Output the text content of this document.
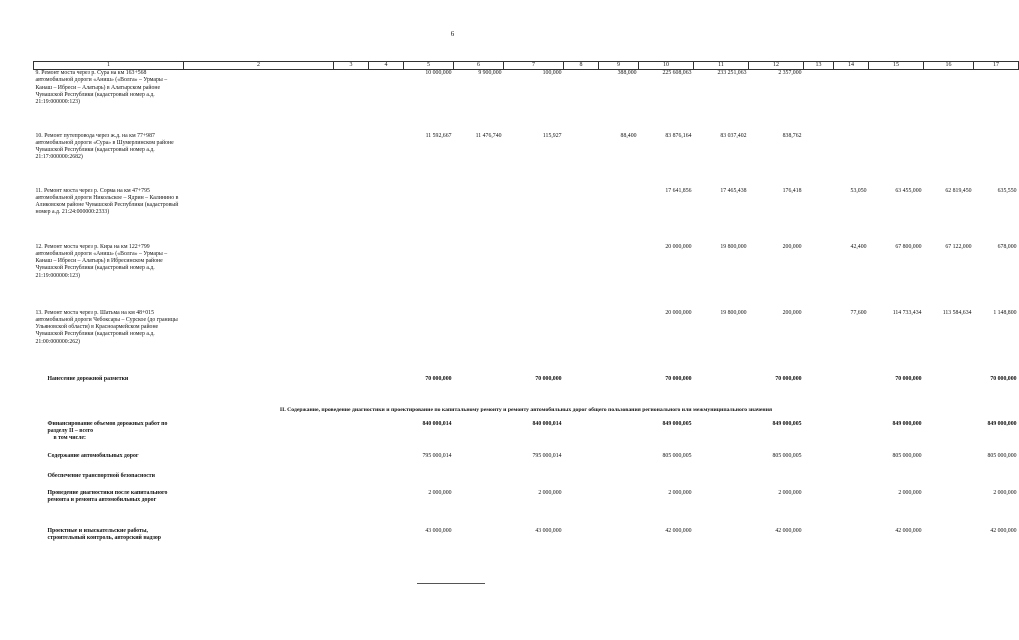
6
1	2	3	4	5	6	7	8	9	10	11	12	13	14	15	16	17

9. Ремонт моста через р. Сура на км 163+568 автомобильной дороги «Аниш» («Волга» – Урмары – Канаш – Ибреси – Алатырь) в Алатырском районе Чувашской Республики (кадастровый номер а.д. 21:19:000000:123)				10 000,000	9 900,000	100,000		388,000	225 608,063	233 251,063	2 357,000					

10. Ремонт путепровода через ж.д. на км 77+987 автомобильной дороги «Сура» в Шумерлинском районе Чувашской Республики (кадастровый номер а.д. 21:17:000000:2682)				11 592,667	11 476,740	115,927		88,400	83 876,164	83 037,402	838,762					

11. Ремонт моста через р. Сорма на км 47+795 автомобильной дороги Никольское – Ядрин – Калинино в Аликовском районе Чувашской Республики (кадастровый номер а.д. 21:24:000000:2333)									17 641,856	17 465,438	176,418		53,050	63 455,000	62 819,450	635,550

12. Ремонт моста через р. Кира на км 122+799 автомобильной дороги «Аниш» («Волга» – Урмары – Канаш – Ибреси – Алатырь) в Ибресинском районе Чувашской Республики (кадастровый номер а.д. 21:19:000000:123)									20 000,000	19 800,000	200,000		42,400	67 800,000	67 122,000	678,000

13. Ремонт моста через р. Шатьма на км 48+015 автомобильной дороги Чебоксары – Сурское (до границы Ульяновской области) в Красноармейском районе Чувашской Республики (кадастровый номер а.д. 21:00:000000:262)									20 000,000	19 800,000	200,000		77,600	114 733,434	113 584,634	1 148,800
Нанесение дорожной разметки				70 000,000		70 000,000			70 000,000		70 000,000			70 000,000		70 000,000
II. Содержание, проведение диагностики и проектирование по капитальному ремонту и ремонту автомобильных дорог общего пользования регионального или межмуниципального значения																

Финансирование объемов дорожных работ по разделу II – всего
в том числе:				840 000,014		840 000,014			849 000,005		849 000,005			849 000,000		849 000,000
Содержание автомобильных дорог				795 000,014		795 000,014			805 000,005		805 000,005			805 000,000		805 000,000
Обеспечение транспортной безопасности																

Проведение диагностики после капитального ремонта и ремонта автомобильных дорог				2 000,000		2 000,000			2 000,000		2 000,000			2 000,000		2 000,000

Проектные и изыскательские работы, строительный контроль, авторский надзор				43 000,000		43 000,000			42 000,000		42 000,000			42 000,000		42 000,000
